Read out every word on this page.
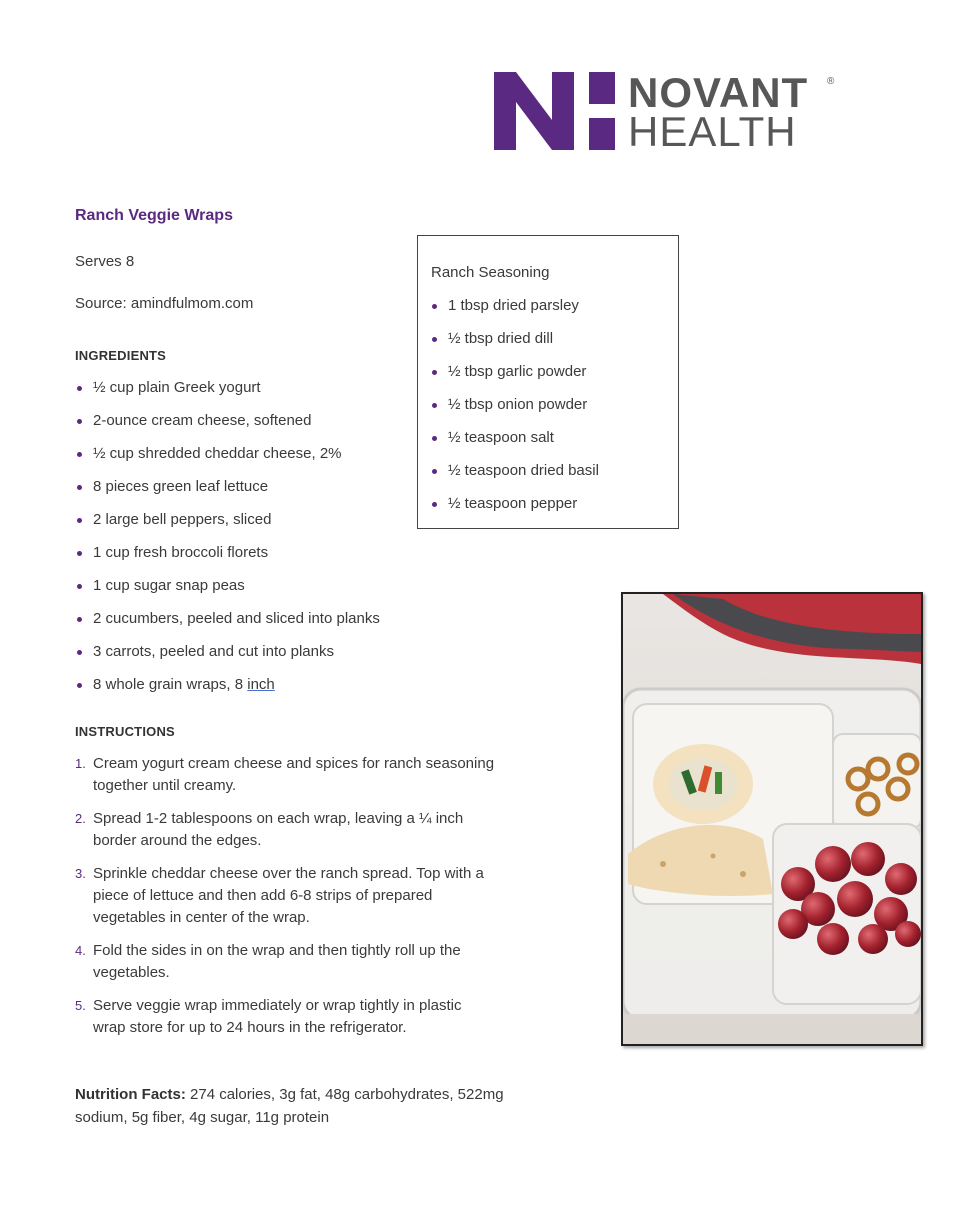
NOVANT ®
HEALTH
Ranch Veggie Wraps
Serves 8
Source: amindfulmom.com
INGREDIENTS
½ cup plain Greek yogurt
2-ounce cream cheese, softened
½ cup shredded cheddar cheese, 2%
8 pieces green leaf lettuce
2 large bell peppers, sliced
1 cup fresh broccoli florets
1 cup sugar snap peas
2 cucumbers, peeled and sliced into planks
3 carrots, peeled and cut into planks
8 whole grain wraps, 8 inch
Ranch Seasoning
1 tbsp dried parsley
½ tbsp dried dill
½ tbsp garlic powder
½ tbsp onion powder
½ teaspoon salt
½ teaspoon dried basil
½ teaspoon pepper
INSTRUCTIONS
1. Cream yogurt cream cheese and spices for ranch seasoning together until creamy.
2. Spread 1-2 tablespoons on each wrap, leaving a ¼ inch border around the edges.
3. Sprinkle cheddar cheese over the ranch spread. Top with a piece of lettuce and then add 6-8 strips of prepared vegetables in center of the wrap.
4. Fold the sides in on the wrap and then tightly roll up the vegetables.
5. Serve veggie wrap immediately or wrap tightly in plastic wrap store for up to 24 hours in the refrigerator.
Nutrition Facts: 274 calories, 3g fat, 48g carbohydrates, 522mg sodium, 5g fiber, 4g sugar, 11g protein
